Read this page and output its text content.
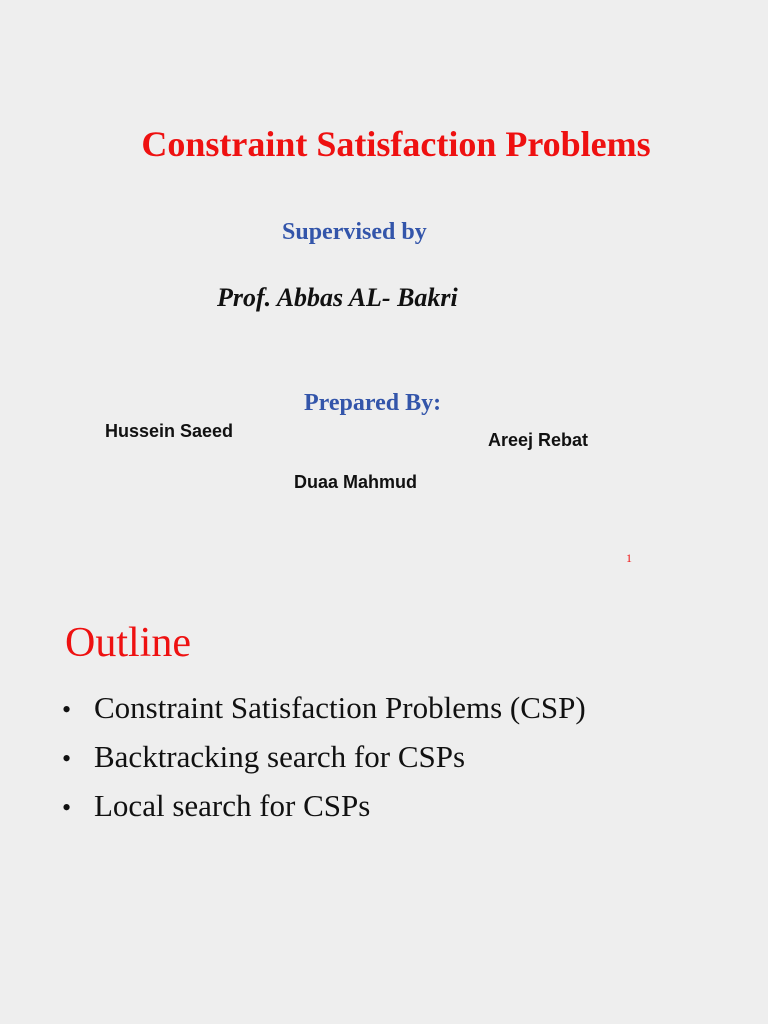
Constraint Satisfaction Problems
Supervised by
Prof. Abbas AL- Bakri
Prepared By:
Hussein Saeed	Areej Rebat
Duaa Mahmud
1
Outline
• Constraint Satisfaction Problems (CSP)
• Backtracking search for CSPs
• Local search for CSPs
